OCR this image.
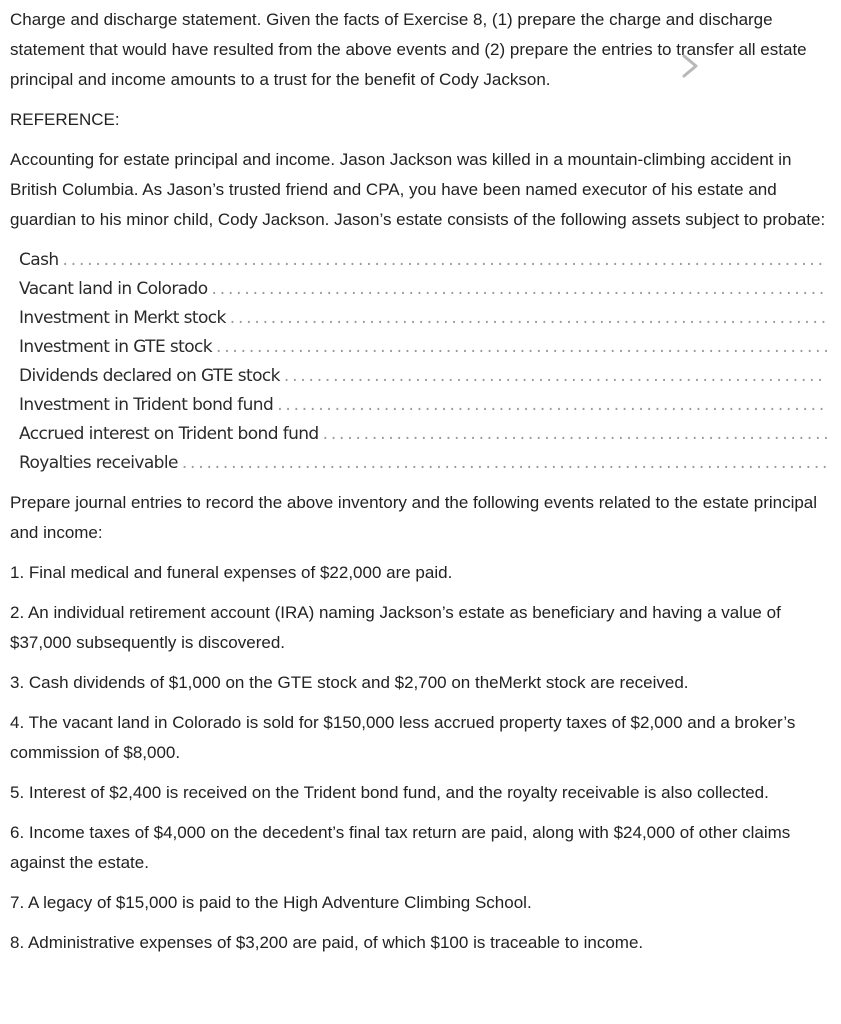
Charge and discharge statement. Given the facts of Exercise 8, (1) prepare the charge and discharge statement that would have resulted from the above events and (2) prepare the entries to transfer all estate principal and income amounts to a trust for the benefit of Cody Jackson.

REFERENCE:

Accounting for estate principal and income. Jason Jackson was killed in a mountain-climbing accident in British Columbia. As Jason’s trusted friend and CPA, you have been named executor of his estate and guardian to his minor child, Cody Jackson. Jason’s estate consists of the following assets subject to probate:

Cash
. . .
Vacant land in Colorado
. . .
Investment in Merkt stock
. . .
Investment in GTE stock
. . .
Dividends declared on GTE stock
. . .
Investment in Trident bond fund
. . .
Accrued interest on Trident bond fund
. . .
Royalties receivable
. . .

Prepare journal entries to record the above inventory and the following events related to the estate principal and income:

1. Final medical and funeral expenses of $22,000 are paid.

2. An individual retirement account (IRA) naming Jackson’s estate as beneficiary and having a value of $37,000 subsequently is discovered.

3. Cash dividends of $1,000 on the GTE stock and $2,700 on theMerkt stock are received.

4. The vacant land in Colorado is sold for $150,000 less accrued property taxes of $2,000 and a broker’s commission of $8,000.

5. Interest of $2,400 is received on the Trident bond fund, and the royalty receivable is also collected.

6. Income taxes of $4,000 on the decedent’s final tax return are paid, along with $24,000 of other claims against the estate.

7. A legacy of $15,000 is paid to the High Adventure Climbing School.

8. Administrative expenses of $3,200 are paid, of which $100 is traceable to income.
